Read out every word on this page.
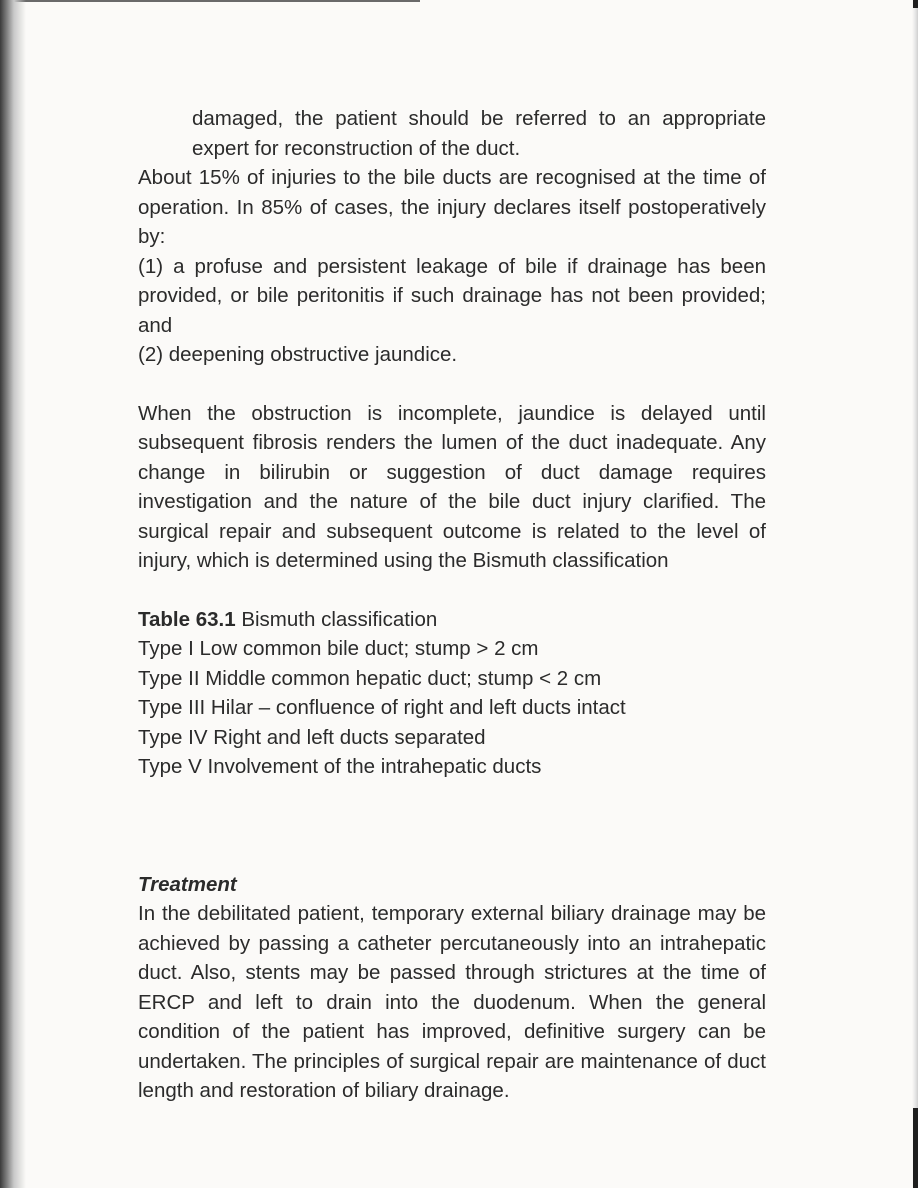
damaged, the patient should be referred to an appropriate expert for reconstruction of the duct.

About 15% of injuries to the bile ducts are recognised at the time of operation. In 85% of cases, the injury declares itself postoperatively by:

(1) a profuse and persistent leakage of bile if drainage has been provided, or bile peritonitis if such drainage has not been provided; and

(2) deepening obstructive jaundice.

When the obstruction is incomplete, jaundice is delayed until subsequent fibrosis renders the lumen of the duct inadequate. Any change in bilirubin or suggestion of duct damage requires investigation and the nature of the bile duct injury clarified. The surgical repair and subsequent outcome is related to the level of injury, which is determined using the Bismuth classification

Table 63.1 Bismuth classification

Type I Low common bile duct; stump > 2 cm

Type II Middle common hepatic duct; stump < 2 cm

Type III Hilar – confluence of right and left ducts intact

Type IV Right and left ducts separated

Type V Involvement of the intrahepatic ducts

Treatment

In the debilitated patient, temporary external biliary drainage may be achieved by passing a catheter percutaneously into an intrahepatic duct. Also, stents may be passed through strictures at the time of ERCP and left to drain into the duodenum. When the general condition of the patient has improved, definitive surgery can be undertaken. The principles of surgical repair are maintenance of duct length and restoration of biliary drainage.
